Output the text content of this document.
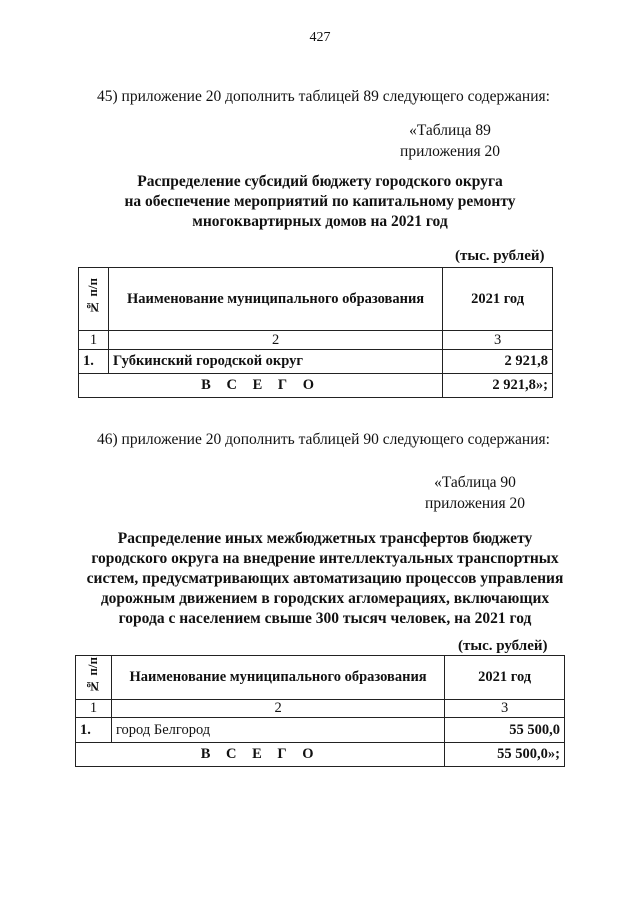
427
45) приложение 20 дополнить таблицей 89 следующего содержания:
«Таблица 89
приложения 20
Распределение субсидий бюджету городского округа
на обеспечение мероприятий по капитальному ремонту
многоквартирных домов на 2021 год
(тыс. рублей)
№ п/п	Наименование муниципального образования	2021 год
1	2	3
1.	Губкинский городской округ	2 921,8
В С Е Г О		2 921,8»;
46) приложение 20 дополнить таблицей 90 следующего содержания:
«Таблица 90
приложения 20
Распределение иных межбюджетных трансфертов бюджету
городского округа на внедрение интеллектуальных транспортных
систем, предусматривающих автоматизацию процессов управления
дорожным движением в городских агломерациях, включающих
города с населением свыше 300 тысяч человек, на 2021 год
(тыс. рублей)
№ п/п	Наименование муниципального образования	2021 год
1	2	3
1.	город Белгород	55 500,0
В С Е Г О		55 500,0»;
